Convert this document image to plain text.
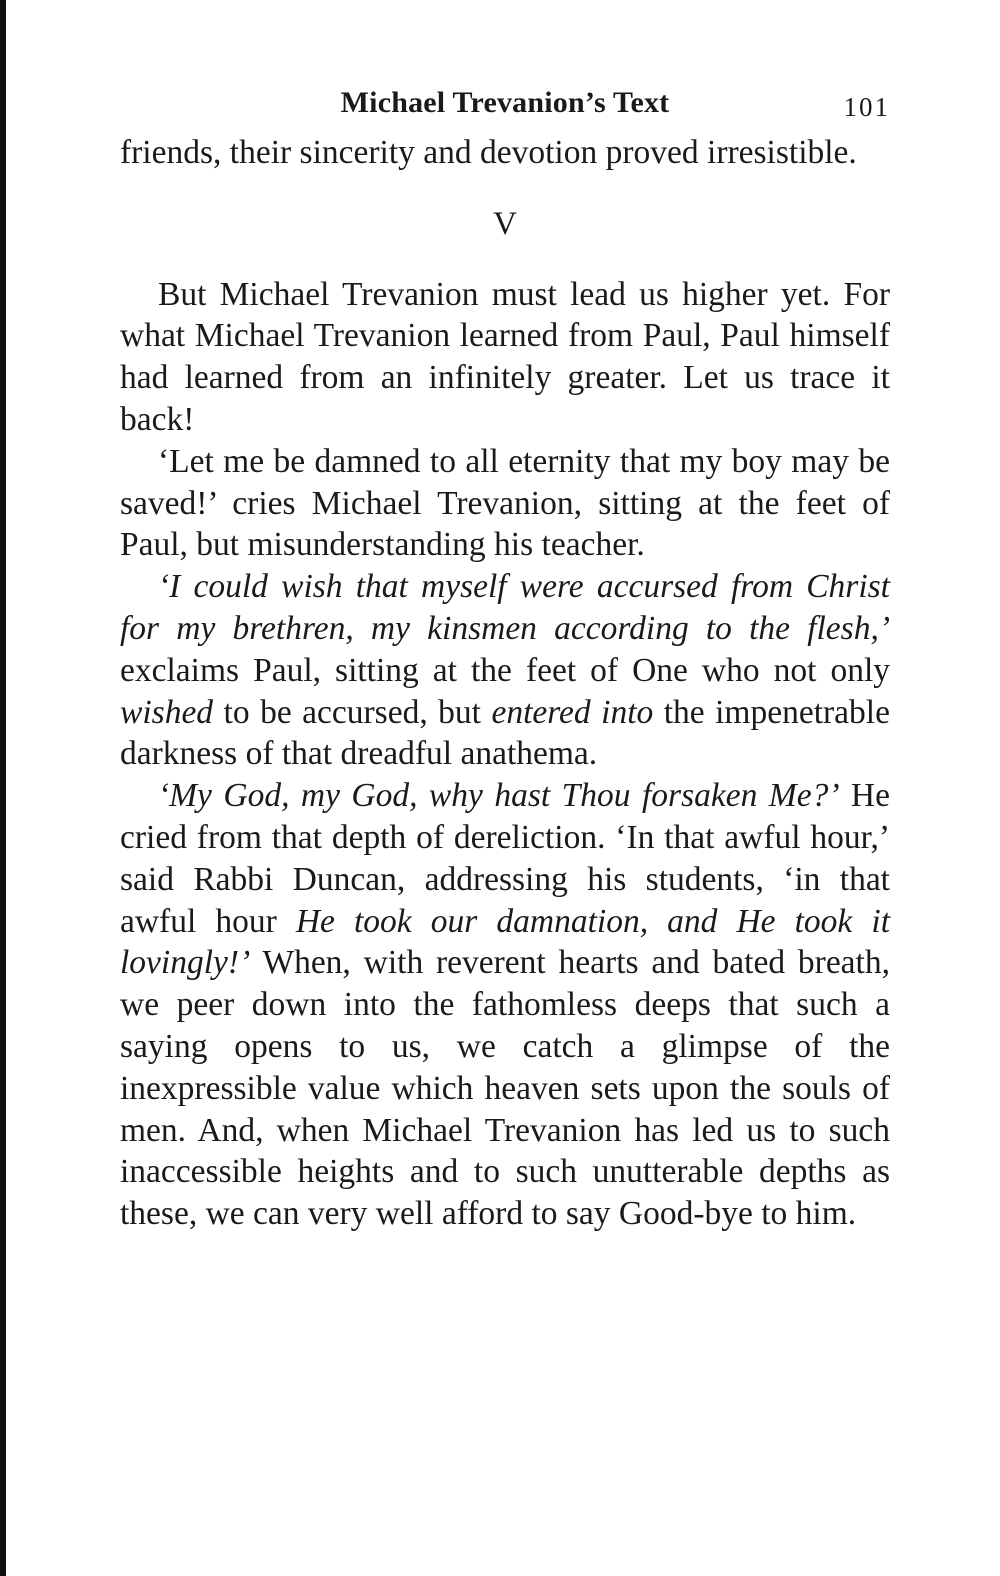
Michael Trevanion’s Text	101

friends, their sincerity and devotion proved irresistible.

V

But Michael Trevanion must lead us higher yet. For what Michael Trevanion learned from Paul, Paul himself had learned from an infinitely greater. Let us trace it back!

‘Let me be damned to all eternity that my boy may be saved!’ cries Michael Trevanion, sitting at the feet of Paul, but misunderstanding his teacher.

‘I could wish that myself were accursed from Christ for my brethren, my kinsmen according to the flesh,’ exclaims Paul, sitting at the feet of One who not only wished to be accursed, but entered into the impenetrable darkness of that dreadful anathema.

‘My God, my God, why hast Thou forsaken Me?’ He cried from that depth of dereliction. ‘In that awful hour,’ said Rabbi Duncan, addressing his students, ‘in that awful hour He took our damnation, and He took it lovingly!’ When, with reverent hearts and bated breath, we peer down into the fathomless deeps that such a saying opens to us, we catch a glimpse of the inexpressible value which heaven sets upon the souls of men. And, when Michael Trevanion has led us to such inaccessible heights and to such unutterable depths as these, we can very well afford to say Good-bye to him.
